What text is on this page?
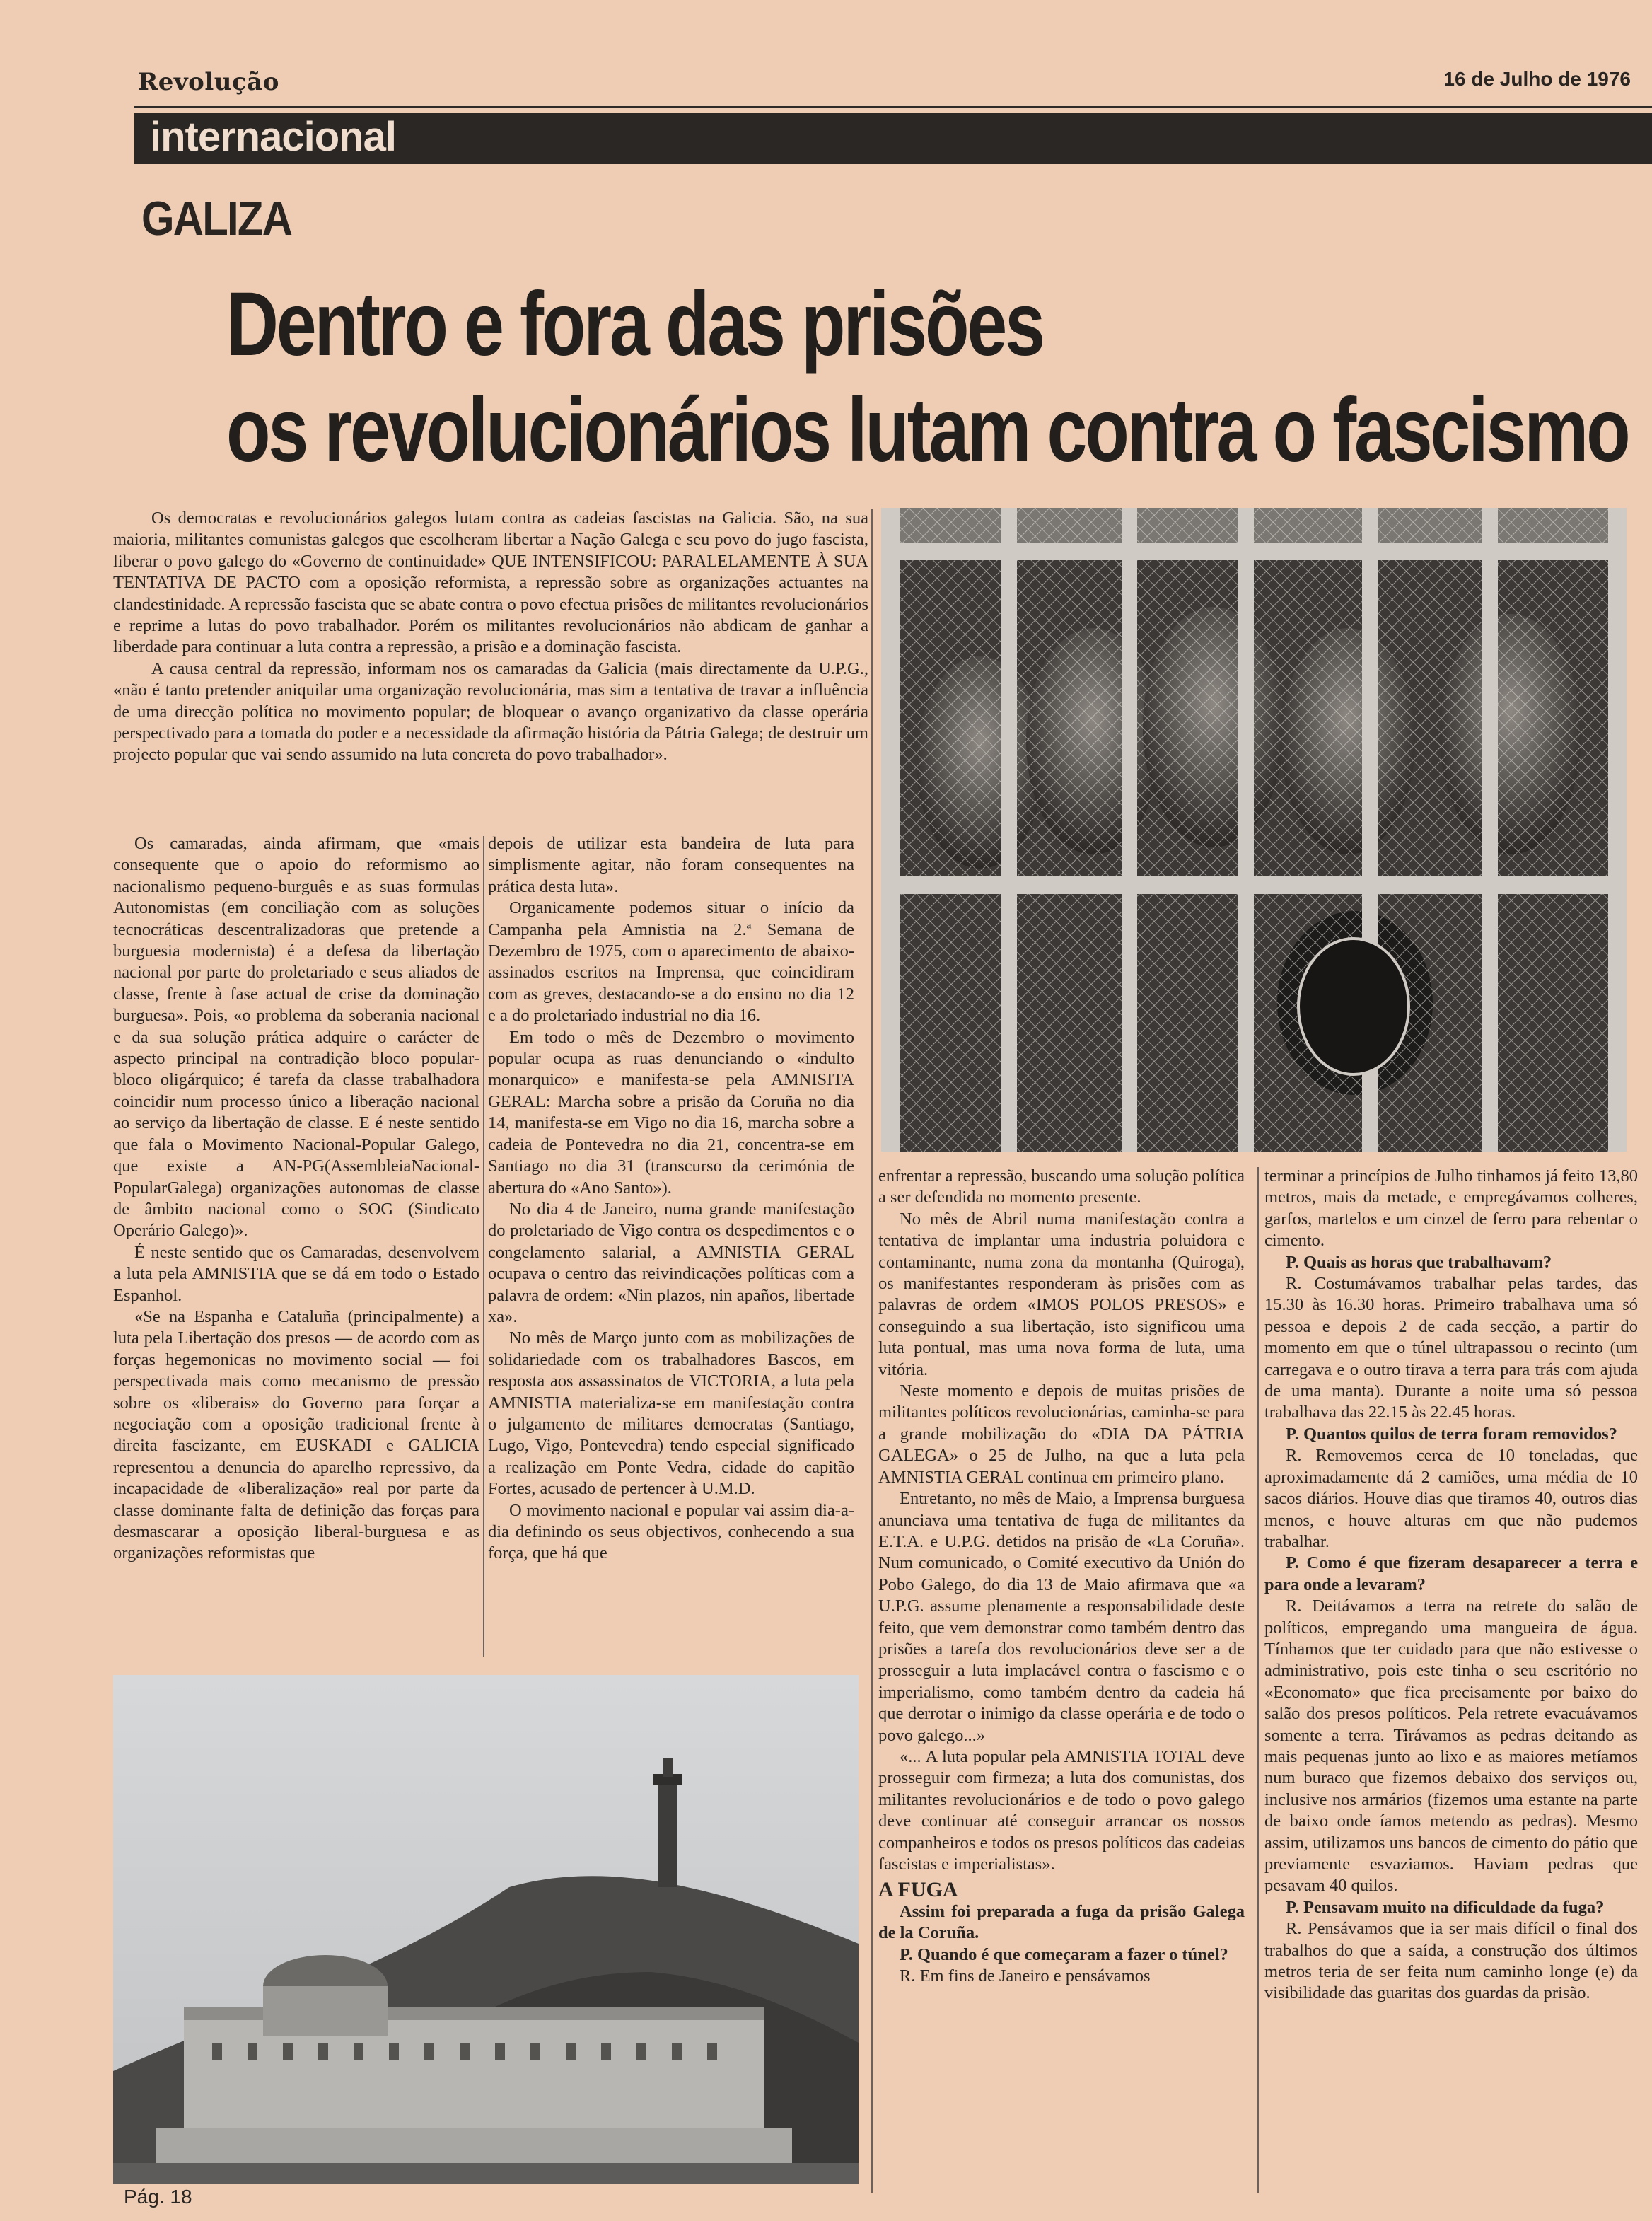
Revolução	16 de Julho de 1976
internacional
GALIZA
Dentro e fora das prisões
os revolucionários lutam contra o fascismo

Os democratas e revolucionários galegos lutam contra as cadeias fascistas na Galicia. São, na sua maioria, militantes comunistas galegos que escolheram libertar a Nação Galega e seu povo do jugo fascista, liberar o povo galego do «Governo de continuidade» QUE INTENSIFICOU: PARALELAMENTE À SUA TENTATIVA DE PACTO com a oposição reformista, a repressão sobre as organizações actuantes na clandestinidade. A repressão fascista que se abate contra o povo efectua prisões de militantes revolucionários e reprime a lutas do povo trabalhador. Porém os militantes revolucionários não abdicam de ganhar a liberdade para continuar a luta contra a repressão, a prisão e a dominação fascista.

A causa central da repressão, informam nos os camaradas da Galicia (mais directamente da U.P.G., «não é tanto pretender aniquilar uma organização revolucionária, mas sim a tentativa de travar a influência de uma direcção política no movimento popular; de bloquear o avanço organizativo da classe operária perspectivado para a tomada do poder e a necessidade da afirmação história da Pátria Galega; de destruir um projecto popular que vai sendo assumido na luta concreta do povo trabalhador».

Os camaradas, ainda afirmam, que «mais consequente que o apoio do reformismo ao nacionalismo pequeno-burguês e as suas formulas Autonomistas (em conciliação com as soluções tecnocráticas descentralizadoras que pretende a burguesia modernista) é a defesa da libertação nacional por parte do proletariado e seus aliados de classe, frente à fase actual de crise da dominação burguesa». Pois, «o problema da soberania nacional e da sua solução prática adquire o carácter de aspecto principal na contradição bloco popular-bloco oligárquico; é tarefa da classe trabalhadora coincidir num processo único a liberação nacional ao serviço da libertação de classe. E é neste sentido que fala o Movimento Nacional-Popular Galego, que existe a AN-PG(AssembleiaNacional-PopularGalega) organizações autonomas de classe de âmbito nacional como o SOG (Sindicato Operário Galego)».

É neste sentido que os Camaradas, desenvolvem a luta pela AMNISTIA que se dá em todo o Estado Espanhol.

«Se na Espanha e Cataluña (principalmente) a luta pela Libertação dos presos — de acordo com as forças hegemonicas no movimento social — foi perspectivada mais como mecanismo de pressão sobre os «liberais» do Governo para forçar a negociação com a oposição tradicional frente à direita fascizante, em EUSKADI e GALICIA representou a denuncia do aparelho repressivo, da incapacidade de «liberalização» real por parte da classe dominante falta de definição das forças para desmascarar a oposição liberal-burguesa e as organizações reformistas que

depois de utilizar esta bandeira de luta para simplismente agitar, não foram consequentes na prática desta luta».

Organicamente podemos situar o início da Campanha pela Amnistia na 2.ª Semana de Dezembro de 1975, com o aparecimento de abaixo-assinados escritos na Imprensa, que coincidiram com as greves, destacando-se a do ensino no dia 12 e a do proletariado industrial no dia 16.

Em todo o mês de Dezembro o movimento popular ocupa as ruas denunciando o «indulto monarquico» e manifesta-se pela AMNISITA GERAL: Marcha sobre a prisão da Coruña no dia 14, manifesta-se em Vigo no dia 16, marcha sobre a cadeia de Pontevedra no dia 21, concentra-se em Santiago no dia 31 (transcurso da cerimónia de abertura do «Ano Santo»).

No dia 4 de Janeiro, numa grande manifestação do proletariado de Vigo contra os despedimentos e o congelamento salarial, a AMNISTIA GERAL ocupava o centro das reivindicações políticas com a palavra de ordem: «Nin plazos, nin apaños, libertade xa».

No mês de Março junto com as mobilizações de solidariedade com os trabalhadores Bascos, em resposta aos assassinatos de VICTORIA, a luta pela AMNISTIA materializa-se em manifestação contra o julgamento de militares democratas (Santiago, Lugo, Vigo, Pontevedra) tendo especial significado a realização em Ponte Vedra, cidade do capitão Fortes, acusado de pertencer à U.M.D.

O movimento nacional e popular vai assim dia-a-dia definindo os seus objectivos, conhecendo a sua força, que há que

enfrentar a repressão, buscando uma solução política a ser defendida no momento presente.

No mês de Abril numa manifestação contra a tentativa de implantar uma industria poluidora e contaminante, numa zona da montanha (Quiroga), os manifestantes responderam às prisões com as palavras de ordem «IMOS POLOS PRESOS» e conseguindo a sua libertação, isto significou uma luta pontual, mas uma nova forma de luta, uma vitória.

Neste momento e depois de muitas prisões de militantes políticos revolucionárias, caminha-se para a grande mobilização do «DIA DA PÁTRIA GALEGA» o 25 de Julho, na que a luta pela AMNISTIA GERAL continua em primeiro plano.

Entretanto, no mês de Maio, a Imprensa burguesa anunciava uma tentativa de fuga de militantes da E.T.A. e U.P.G. detidos na prisão de «La Coruña». Num comunicado, o Comité executivo da Unión do Pobo Galego, do dia 13 de Maio afirmava que «a U.P.G. assume plenamente a responsabilidade deste feito, que vem demonstrar como também dentro das prisões a tarefa dos revolucionários deve ser a de prosseguir a luta implacável contra o fascismo e o imperialismo, como também dentro da cadeia há que derrotar o inimigo da classe operária e de todo o povo galego...»

«... A luta popular pela AMNISTIA TOTAL deve prosseguir com firmeza; a luta dos comunistas, dos militantes revolucionários e de todo o povo galego deve continuar até conseguir arrancar os nossos companheiros e todos os presos políticos das cadeias fascistas e imperialistas».

A FUGA

Assim foi preparada a fuga da prisão Galega de la Coruña.

P. Quando é que começaram a fazer o túnel?

R. Em fins de Janeiro e pensávamos

terminar a princípios de Julho tinhamos já feito 13,80 metros, mais da metade, e empregávamos colheres, garfos, martelos e um cinzel de ferro para rebentar o cimento.

P. Quais as horas que trabalhavam?

R. Costumávamos trabalhar pelas tardes, das 15.30 às 16.30 horas. Primeiro trabalhava uma só pessoa e depois 2 de cada secção, a partir do momento em que o túnel ultrapassou o recinto (um carregava e o outro tirava a terra para trás com ajuda de uma manta). Durante a noite uma só pessoa trabalhava das 22.15 às 22.45 horas.

P. Quantos quilos de terra foram removidos?

R. Removemos cerca de 10 toneladas, que aproximadamente dá 2 camiões, uma média de 10 sacos diários. Houve dias que tiramos 40, outros dias menos, e houve alturas em que não pudemos trabalhar.

P. Como é que fizeram desaparecer a terra e para onde a levaram?

R. Deitávamos a terra na retrete do salão de políticos, empregando uma mangueira de água. Tínhamos que ter cuidado para que não estivesse o administrativo, pois este tinha o seu escritório no «Economato» que fica precisamente por baixo do salão dos presos políticos. Pela retrete evacuávamos somente a terra. Tirávamos as pedras deitando as mais pequenas junto ao lixo e as maiores metíamos num buraco que fizemos debaixo dos serviços ou, inclusive nos armários (fizemos uma estante na parte de baixo onde íamos metendo as pedras). Mesmo assim, utilizamos uns bancos de cimento do pátio que previamente esvaziamos. Haviam pedras que pesavam 40 quilos.

P. Pensavam muito na dificuldade da fuga?

R. Pensávamos que ia ser mais difícil o final dos trabalhos do que a saída, a construção dos últimos metros teria de ser feita num caminho longe (e) da visibilidade das guaritas dos guardas da prisão.

Pág. 18
